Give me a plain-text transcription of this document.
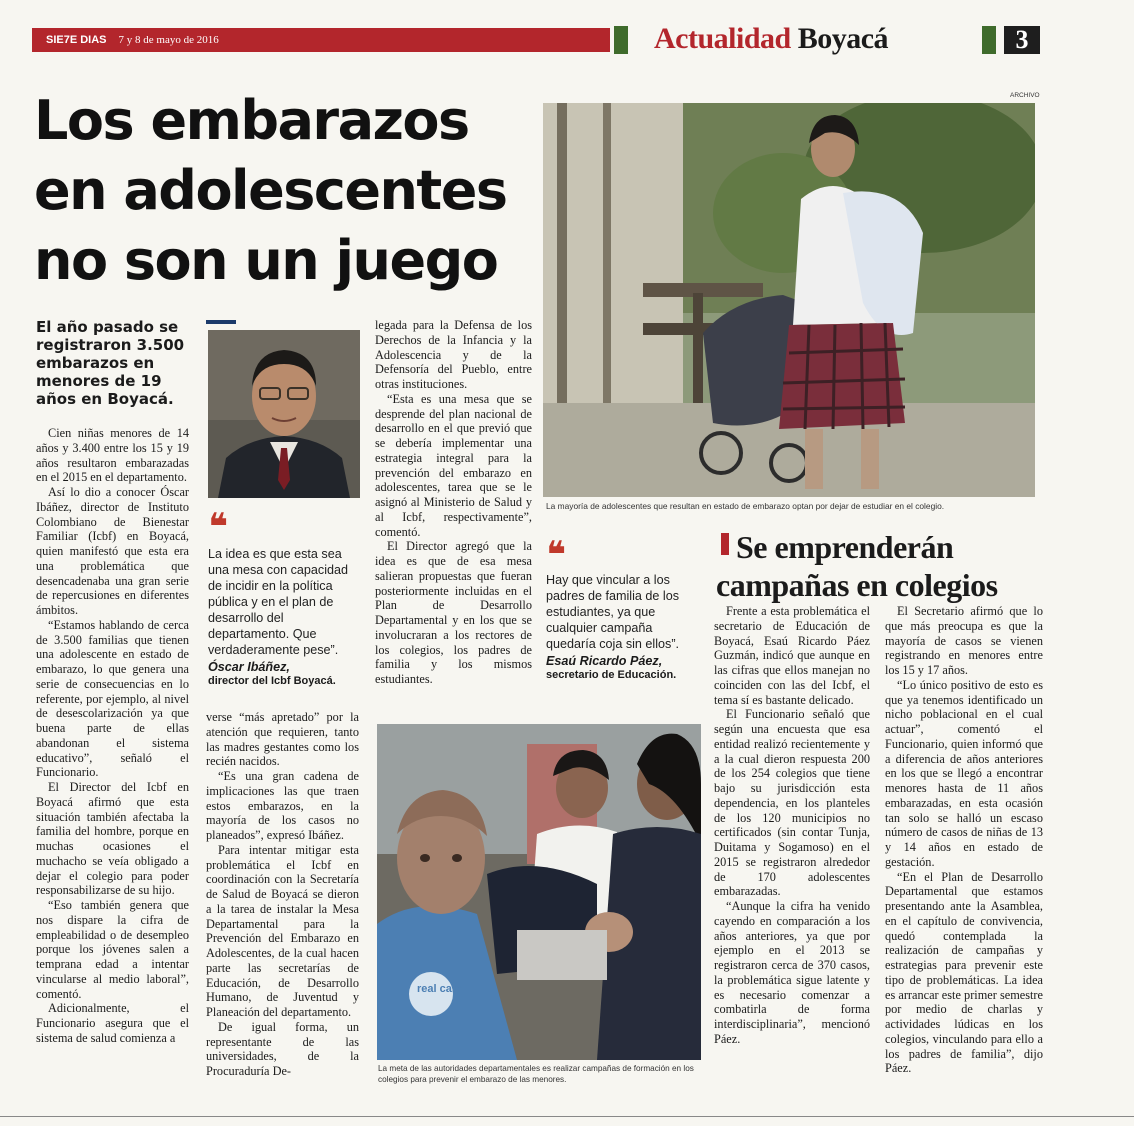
SIE7E DIAS 7 y 8 de mayo de 2016	Actualidad Boyacá	3
Los embarazos
en adolescentes
no son un juego
El año pasado se registraron 3.500 embarazos en menores de 19 años en Boyacá.

Cien niñas menores de 14 años y 3.400 entre los 15 y 19 años resultaron embarazadas en el 2015 en el departamento.

Así lo dio a conocer Óscar Ibáñez, director de Instituto Colombiano de Bienestar Familiar (Icbf) en Boyacá, quien manifestó que esta era una problemática que desencadenaba una gran serie de repercusiones en diferentes ámbitos.

“Estamos hablando de cerca de 3.500 familias que tienen una adolescente en estado de embarazo, lo que genera una serie de consecuencias en lo referente, por ejemplo, al nivel de desescolarización ya que buena parte de ellas abandonan el sistema educativo”, señaló el Funcionario.

El Director del Icbf en Boyacá afirmó que esta situación también afectaba la familia del hombre, porque en muchas ocasiones el muchacho se veía obligado a dejar el colegio para poder responsabilizarse de su hijo.

“Eso también genera que nos dispare la cifra de empleabilidad o de desempleo porque los jóvenes salen a temprana edad a intentar vincularse al medio laboral”, comentó.

Adicionalmente, el Funcionario asegura que el sistema de salud comienza a

❛❛
La idea es que esta sea una mesa con capacidad de incidir en la política pública y en el plan de desarrollo del departamento. Que verdaderamente pese”.
Óscar Ibáñez,
director del Icbf Boyacá.

verse “más apretado” por la atención que requieren, tanto las madres gestantes como los recién nacidos.

“Es una gran cadena de implicaciones las que traen estos embarazos, en la mayoría de los casos no planeados”, expresó Ibáñez.

Para intentar mitigar esta problemática el Icbf en coordinación con la Secretaría de Salud de Boyacá se dieron a la tarea de instalar la Mesa Departamental para la Prevención del Embarazo en Adolescentes, de la cual hacen parte las secretarías de Educación, de Desarrollo Humano, de Juventud y Planeación del departamento.

De igual forma, un representante de las universidades, de la Procuraduría De-

legada para la Defensa de los Derechos de la Infancia y la Adolescencia y de la Defensoría del Pueblo, entre otras instituciones.

“Esta es una mesa que se desprende del plan nacional de desarrollo en el que previó que se debería implementar una estrategia integral para la prevención del embarazo en adolescentes, tarea que se le asignó al Ministerio de Salud y al Icbf, respectivamente”, comentó.

El Director agregó que la idea es que de esa mesa salieran propuestas que fueran posteriormente incluidas en el Plan de Desarrollo Departamental y en los que se involucraran a los rectores de los colegios, los padres de familia y los mismos estudiantes.

ARCHIVO
La mayoría de adolescentes que resultan en estado de embarazo optan por dejar de estudiar en el colegio.
❛❛
Hay que vincular a los padres de familia de los estudiantes, ya que cualquier campaña quedaría coja sin ellos”.
Esaú Ricardo Páez,
secretario de Educación.
Se emprenderán
campañas en colegios

Frente a esta problemática el secretario de Educación de Boyacá, Esaú Ricardo Páez Guzmán, indicó que aunque en las cifras que ellos manejan no coinciden con las del Icbf, el tema sí es bastante delicado.

El Funcionario señaló que según una encuesta que esa entidad realizó recientemente y a la cual dieron respuesta 200 de los 254 colegios que tiene bajo su jurisdicción esta dependencia, en los planteles de los 120 municipios no certificados (sin contar Tunja, Duitama y Sogamoso) en el 2015 se registraron alrededor de 170 adolescentes embarazadas.

“Aunque la cifra ha venido cayendo en comparación a los años anteriores, ya que por ejemplo en el 2013 se registraron cerca de 370 casos, la problemática sigue latente y es necesario comenzar a combatirla de forma interdisciplinaria”, mencionó Páez.

El Secretario afirmó que lo que más preocupa es que la mayoría de casos se vienen registrando en menores entre los 15 y 17 años.

“Lo único positivo de esto es que ya tenemos identificado un nicho poblacional en el cual actuar”, comentó el Funcionario, quien informó que a diferencia de años anteriores en los que se llegó a encontrar menores hasta de 11 años embarazadas, en esta ocasión tan solo se halló un escaso número de casos de niñas de 13 y 14 años en estado de gestación.

“En el Plan de Desarrollo Departamental que estamos presentando ante la Asamblea, en el capítulo de convivencia, quedó contemplada la realización de campañas y estrategias para prevenir este tipo de problemáticas. La idea es arrancar este primer semestre por medio de charlas y actividades lúdicas en los colegios, vinculando para ello a los padres de familia”, dijo Páez.

real care
La meta de las autoridades departamentales es realizar campañas de formación en los colegios para prevenir el embarazo de las menores.
